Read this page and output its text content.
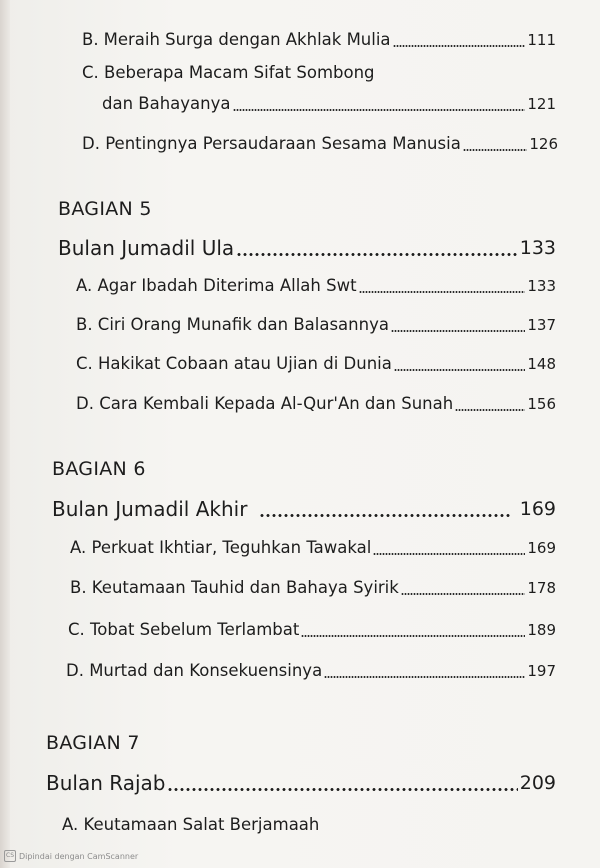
B. Meraih Surga dengan Akhlak Mulia	111
C. Beberapa Macam Sifat Sombong
dan Bahayanya	121
D. Pentingnya Persaudaraan Sesama Manusia	126
BAGIAN 5
Bulan Jumadil Ula	133
A. Agar Ibadah Diterima Allah Swt	133
B. Ciri Orang Munafik dan Balasannya	137
C. Hakikat Cobaan atau Ujian di Dunia	148
D. Cara Kembali Kepada Al-Qur'An dan Sunah	156
BAGIAN 6
Bulan Jumadil Akhir	169
A. Perkuat Ikhtiar, Teguhkan Tawakal	169
B. Keutamaan Tauhid dan Bahaya Syirik	178
C. Tobat Sebelum Terlambat	189
D. Murtad dan Konsekuensinya	197
BAGIAN 7
Bulan Rajab	209
A. Keutamaan Salat Berjamaah
CS Dipindai dengan CamScanner
